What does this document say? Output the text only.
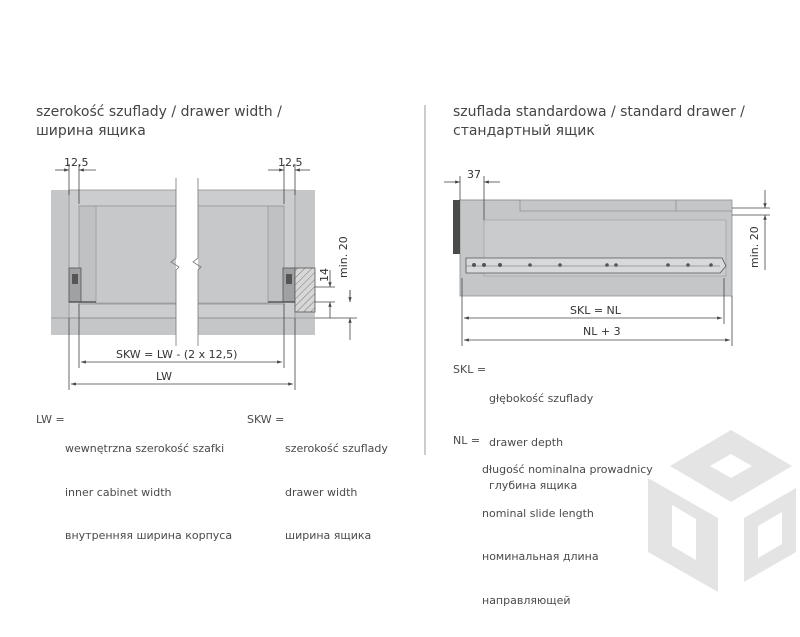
szerokość szuflady / drawer width /
ширина ящика
szuflada standardowa / standard drawer /
стандартный ящик
12,5	12,5
14 min. 20
SKW = LW - (2 x 12,5)
LW
37
min. 20
SKL = NL
NL + 3

LW =

wewnętrzna szerokość szafki

inner cabinet width

внутренняя ширина корпуса

SKW =

szerokość szuflady

drawer width

ширина ящика

SKL =

głębokość szuflady

drawer depth

глубина ящика

NL =

długość nominalna prowadnicy

nominal slide length

номинальная длина

направляющей
